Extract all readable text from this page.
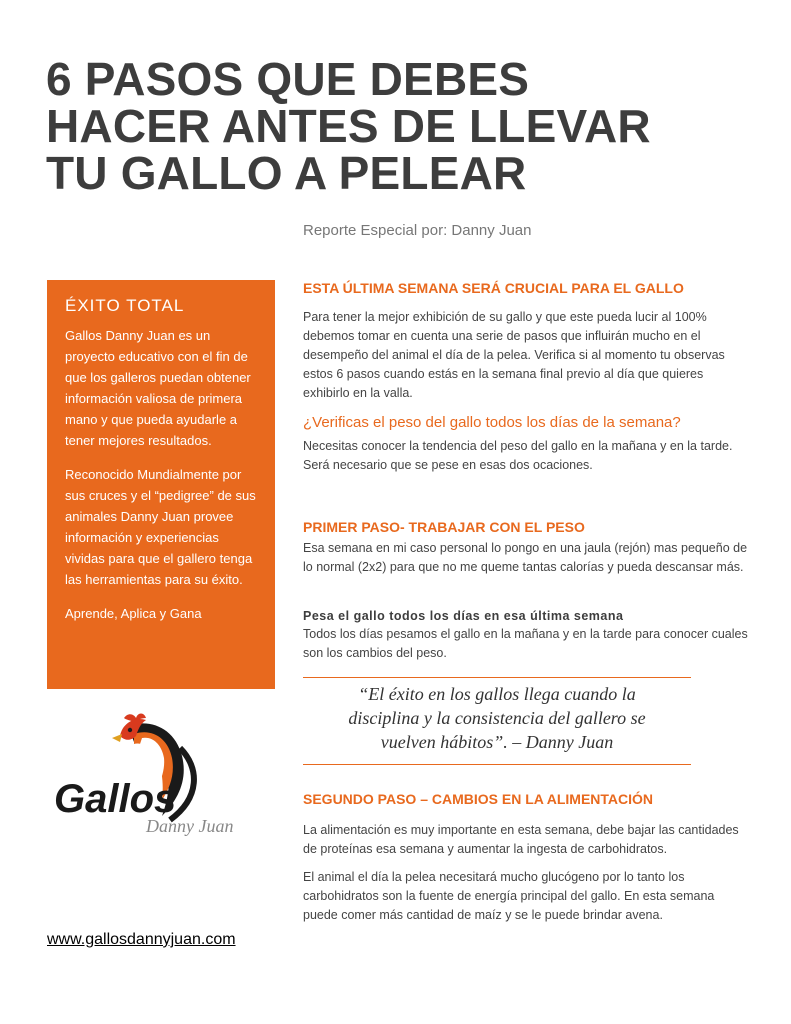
6 PASOS QUE DEBES
HACER ANTES DE LLEVAR
TU GALLO A PELEAR
Reporte Especial por: Danny Juan
ÉXITO TOTAL

Gallos Danny Juan es un proyecto educativo con el fin de que los galleros puedan obtener información valiosa de primera mano y que pueda ayudarle a tener mejores resultados.

Reconocido Mundialmente por sus cruces y el “pedigree” de sus animales Danny Juan provee información y experiencias vividas para que el gallero tenga las herramientas para su éxito.

Aprende, Aplica y Gana

Gallos
Danny Juan
www.gallosdannyjuan.com
ESTA ÚLTIMA SEMANA SERÁ CRUCIAL PARA EL GALLO

Para tener la mejor exhibición de su gallo y que este pueda lucir al 100% debemos tomar en cuenta una serie de pasos que influirán mucho en el desempeño del animal el día de la pelea. Verifica si al momento tu observas estos 6 pasos cuando estás en la semana final previo al día que quieres exhibirlo en la valla.

¿Verificas el peso del gallo todos los días de la semana?

Necesitas conocer la tendencia del peso del gallo en la mañana y en la tarde. Será necesario que se pese en esas dos ocaciones.

PRIMER PASO- TRABAJAR CON EL PESO

Esa semana en mi caso personal lo pongo en una jaula (rejón) mas pequeño de lo normal (2x2) para que no me queme tantas calorías y pueda descansar más.

Pesa el gallo todos los días en esa última semana

Todos los días pesamos el gallo en la mañana y en la tarde para conocer cuales son los cambios del peso.

“El éxito en los gallos llega cuando la
disciplina y la consistencia del gallero se
vuelven hábitos”. – Danny Juan
SEGUNDO PASO – CAMBIOS EN LA ALIMENTACIÓN

La alimentación es muy importante en esta semana, debe bajar las cantidades de proteínas esa semana y aumentar la ingesta de carbohidratos.

El animal el día la pelea necesitará mucho glucógeno por lo tanto los carbohidratos son la fuente de energía principal del gallo. En esta semana puede comer más cantidad de maíz y se le puede brindar avena.
